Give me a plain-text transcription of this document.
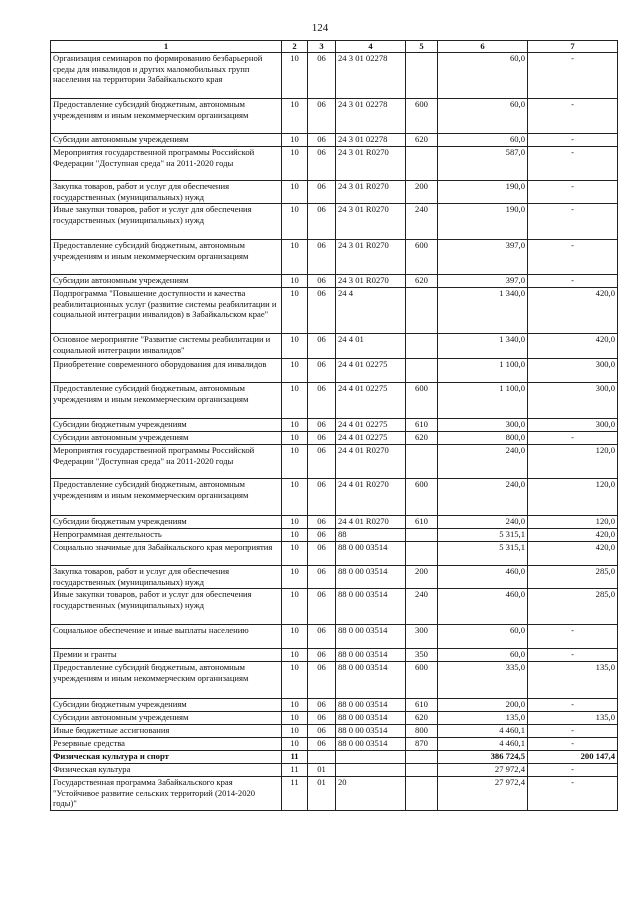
124
1	2	3	4	5	6	7
Организация семинаров по формированию безбарьерной среды для инвалидов и других маломобильных групп населения на территории Забайкальского края	10	06	24 3 01 02278		60,0	-
Предоставление субсидий бюджетным, автономным учреждениям и иным некоммерческим организациям	10	06	24 3 01 02278	600	60,0	-
Субсидии автономным учреждениям	10	06	24 3 01 02278	620	60,0	-
Мероприятия государственной программы Российской Федерации "Доступная среда" на 2011-2020 годы	10	06	24 3 01 R0270		587,0	-
Закупка товаров, работ и услуг для обеспечения государственных (муниципальных) нужд	10	06	24 3 01 R0270	200	190,0	-
Иные закупки товаров, работ и услуг для обеспечения государственных (муниципальных) нужд	10	06	24 3 01 R0270	240	190,0	-
Предоставление субсидий бюджетным, автономным учреждениям и иным некоммерческим организациям	10	06	24 3 01 R0270	600	397,0	-
Субсидии автономным учреждениям	10	06	24 3 01 R0270	620	397,0	-
Подпрограмма "Повышение доступности и качества реабилитационных услуг (развитие системы реабилитации и социальной интеграции инвалидов) в Забайкальском крае"	10	06	24 4		1 340,0	420,0
Основное мероприятие "Развитие системы реабилитации и социальной интеграции инвалидов"	10	06	24 4 01		1 340,0	420,0
Приобретение современного оборудования для инвалидов	10	06	24 4 01 02275		1 100,0	300,0
Предоставление субсидий бюджетным, автономным учреждениям и иным некоммерческим организациям	10	06	24 4 01 02275	600	1 100,0	300,0
Субсидии бюджетным учреждениям	10	06	24 4 01 02275	610	300,0	300,0
Субсидии автономным учреждениям	10	06	24 4 01 02275	620	800,0	-
Мероприятия государственной программы Российской Федерации "Доступная среда" на 2011-2020 годы	10	06	24 4 01 R0270		240,0	120,0
Предоставление субсидий бюджетным, автономным учреждениям и иным некоммерческим организациям	10	06	24 4 01 R0270	600	240,0	120,0
Субсидии бюджетным учреждениям	10	06	24 4 01 R0270	610	240,0	120,0
Непрограммная деятельность	10	06	88		5 315,1	420,0
Социально значимые для Забайкальского края мероприятия	10	06	88 0 00 03514		5 315,1	420,0
Закупка товаров, работ и услуг для обеспечения государственных (муниципальных) нужд	10	06	88 0 00 03514	200	460,0	285,0
Иные закупки товаров, работ и услуг для обеспечения государственных (муниципальных) нужд	10	06	88 0 00 03514	240	460,0	285,0
Социальное обеспечение и иные выплаты населению	10	06	88 0 00 03514	300	60,0	-
Премии и гранты	10	06	88 0 00 03514	350	60,0	-
Предоставление субсидий бюджетным, автономным учреждениям и иным некоммерческим организациям	10	06	88 0 00 03514	600	335,0	135,0
Субсидии бюджетным учреждениям	10	06	88 0 00 03514	610	200,0	-
Субсидии автономным учреждениям	10	06	88 0 00 03514	620	135,0	135,0
Иные бюджетные ассигнования	10	06	88 0 00 03514	800	4 460,1	-
Резервные средства	10	06	88 0 00 03514	870	4 460,1	-
Физическая культура и спорт	11				386 724,5	200 147,4
Физическая культура	11	01			27 972,4	-
Государственная программа Забайкальского края "Устойчивое развитие сельских территорий (2014-2020 годы)"	11	01	20		27 972,4	-
